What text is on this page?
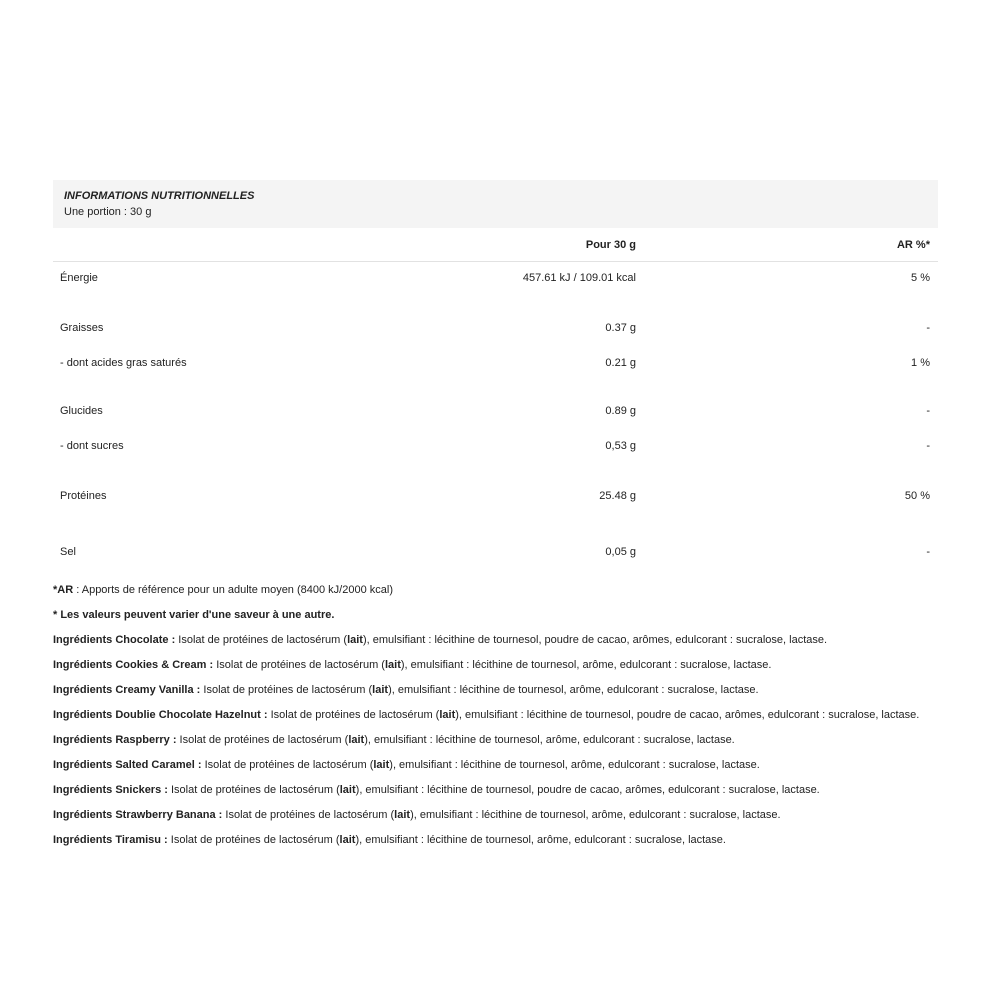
INFORMATIONS NUTRITIONNELLES
Une portion : 30 g
	Pour 30 g	AR %*
Énergie	457.61 kJ / 109.01 kcal	5 %
Graisses	0.37 g	-
- dont acides gras saturés	0.21 g	1 %
Glucides	0.89 g	-
- dont sucres	0,53 g	-
Protéines	25.48 g	50 %
Sel	0,05 g	-
*AR : Apports de référence pour un adulte moyen (8400 kJ/2000 kcal)
* Les valeurs peuvent varier d'une saveur à une autre.
Ingrédients Chocolate : Isolat de protéines de lactosérum (lait), emulsifiant : lécithine de tournesol, poudre de cacao, arômes, edulcorant : sucralose, lactase.
Ingrédients Cookies & Cream : Isolat de protéines de lactosérum (lait), emulsifiant : lécithine de tournesol, arôme, edulcorant : sucralose, lactase.
Ingrédients Creamy Vanilla : Isolat de protéines de lactosérum (lait), emulsifiant : lécithine de tournesol, arôme, edulcorant : sucralose, lactase.
Ingrédients Doublie Chocolate Hazelnut : Isolat de protéines de lactosérum (lait), emulsifiant : lécithine de tournesol, poudre de cacao, arômes, edulcorant : sucralose, lactase.
Ingrédients Raspberry : Isolat de protéines de lactosérum (lait), emulsifiant : lécithine de tournesol, arôme, edulcorant : sucralose, lactase.
Ingrédients Salted Caramel : Isolat de protéines de lactosérum (lait), emulsifiant : lécithine de tournesol, arôme, edulcorant : sucralose, lactase.
Ingrédients Snickers : Isolat de protéines de lactosérum (lait), emulsifiant : lécithine de tournesol, poudre de cacao, arômes, edulcorant : sucralose, lactase.
Ingrédients Strawberry Banana : Isolat de protéines de lactosérum (lait), emulsifiant : lécithine de tournesol, arôme, edulcorant : sucralose, lactase.
Ingrédients Tiramisu : Isolat de protéines de lactosérum (lait), emulsifiant : lécithine de tournesol, arôme, edulcorant : sucralose, lactase.
